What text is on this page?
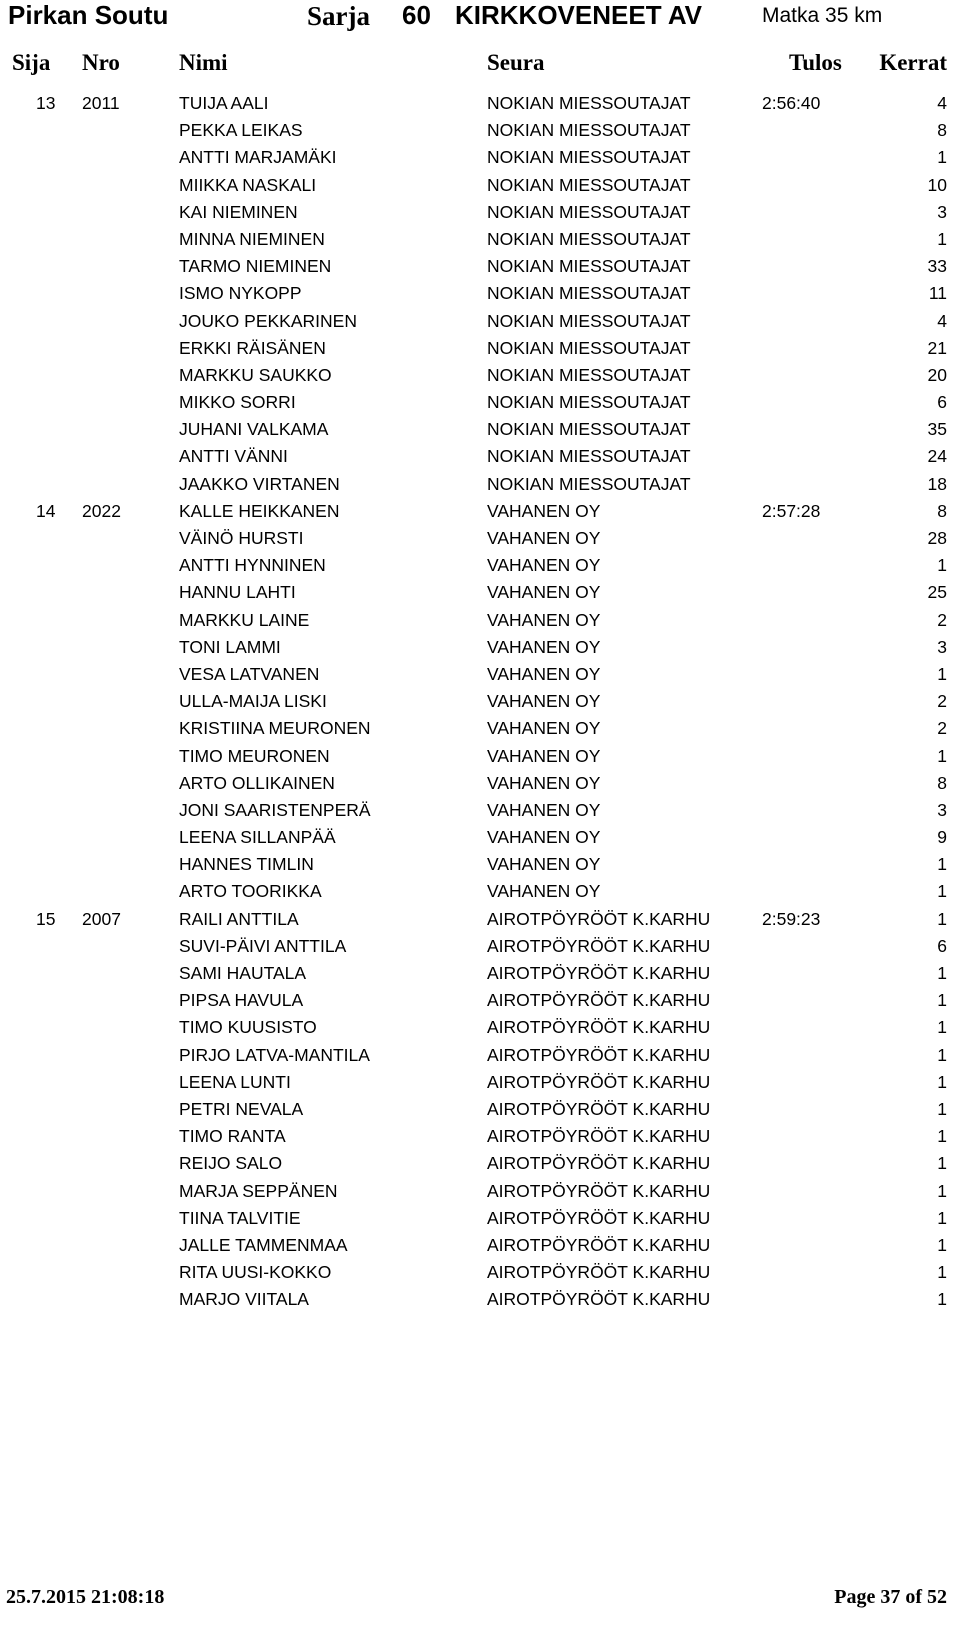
Pirkan Soutu	Sarja 60 KIRKKOVENEET AV	Matka 35 km
Sija Nro	Nimi	Seura	Tulos Kerrat
13 2011	TUIJA AALI	NOKIAN MIESSOUTAJAT	2:56:40	4
PEKKA LEIKAS	NOKIAN MIESSOUTAJAT	8
ANTTI MARJAMÄKI	NOKIAN MIESSOUTAJAT	1
MIIKKA NASKALI	NOKIAN MIESSOUTAJAT	10
KAI NIEMINEN	NOKIAN MIESSOUTAJAT	3
MINNA NIEMINEN	NOKIAN MIESSOUTAJAT	1
TARMO NIEMINEN	NOKIAN MIESSOUTAJAT	33
ISMO NYKOPP	NOKIAN MIESSOUTAJAT	11
JOUKO PEKKARINEN	NOKIAN MIESSOUTAJAT	4
ERKKI RÄISÄNEN	NOKIAN MIESSOUTAJAT	21
MARKKU SAUKKO	NOKIAN MIESSOUTAJAT	20
MIKKO SORRI	NOKIAN MIESSOUTAJAT	6
JUHANI VALKAMA	NOKIAN MIESSOUTAJAT	35
ANTTI VÄNNI	NOKIAN MIESSOUTAJAT	24
JAAKKO VIRTANEN	NOKIAN MIESSOUTAJAT	18
14 2022	KALLE HEIKKANEN	VAHANEN OY	2:57:28	8
VÄINÖ HURSTI	VAHANEN OY	28
ANTTI HYNNINEN	VAHANEN OY	1
HANNU LAHTI	VAHANEN OY	25
MARKKU LAINE	VAHANEN OY	2
TONI LAMMI	VAHANEN OY	3
VESA LATVANEN	VAHANEN OY	1
ULLA-MAIJA LISKI	VAHANEN OY	2
KRISTIINA MEURONEN	VAHANEN OY	2
TIMO MEURONEN	VAHANEN OY	1
ARTO OLLIKAINEN	VAHANEN OY	8
JONI SAARISTENPERÄ	VAHANEN OY	3
LEENA SILLANPÄÄ	VAHANEN OY	9
HANNES TIMLIN	VAHANEN OY	1
ARTO TOORIKKA	VAHANEN OY	1
15 2007	RAILI ANTTILA	AIROTPÖYRÖÖT K.KARHU	2:59:23	1
SUVI-PÄIVI ANTTILA	AIROTPÖYRÖÖT K.KARHU	6
SAMI HAUTALA	AIROTPÖYRÖÖT K.KARHU	1
PIPSA HAVULA	AIROTPÖYRÖÖT K.KARHU	1
TIMO KUUSISTO	AIROTPÖYRÖÖT K.KARHU	1
PIRJO LATVA-MANTILA	AIROTPÖYRÖÖT K.KARHU	1
LEENA LUNTI	AIROTPÖYRÖÖT K.KARHU	1
PETRI NEVALA	AIROTPÖYRÖÖT K.KARHU	1
TIMO RANTA	AIROTPÖYRÖÖT K.KARHU	1
REIJO SALO	AIROTPÖYRÖÖT K.KARHU	1
MARJA SEPPÄNEN	AIROTPÖYRÖÖT K.KARHU	1
TIINA TALVITIE	AIROTPÖYRÖÖT K.KARHU	1
JALLE TAMMENMAA	AIROTPÖYRÖÖT K.KARHU	1
RITA UUSI-KOKKO	AIROTPÖYRÖÖT K.KARHU	1
MARJO VIITALA	AIROTPÖYRÖÖT K.KARHU	1
25.7.2015 21:08:18	Page 37 of 52
